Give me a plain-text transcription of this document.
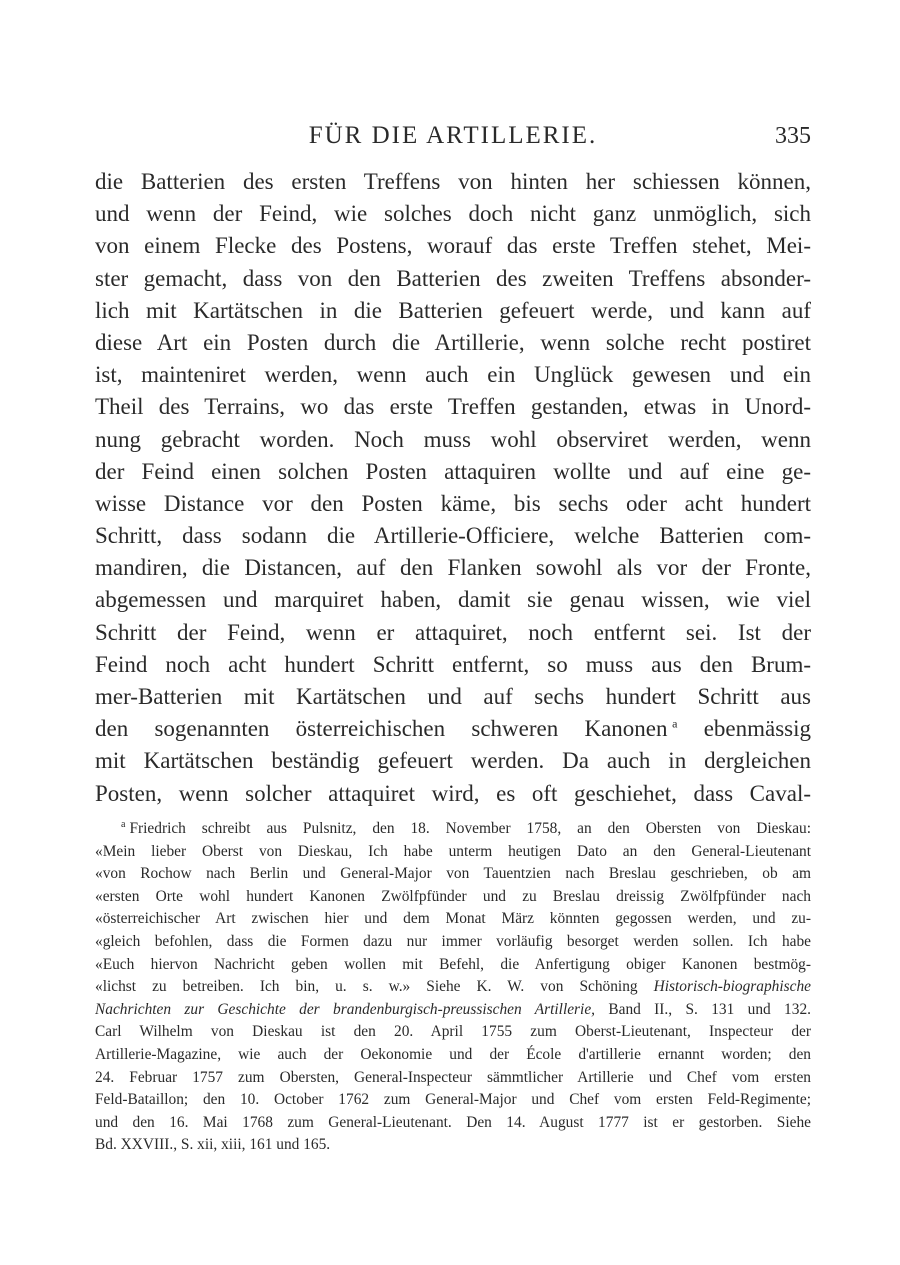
FÜR DIE ARTILLERIE.	335
die Batterien des ersten Treffens von hinten her schiessen können,
und wenn der Feind, wie solches doch nicht ganz unmöglich, sich
von einem Flecke des Postens, worauf das erste Treffen stehet, Mei-
ster gemacht, dass von den Batterien des zweiten Treffens absonder-
lich mit Kartätschen in die Batterien gefeuert werde, und kann auf
diese Art ein Posten durch die Artillerie, wenn solche recht postiret
ist, mainteniret werden, wenn auch ein Unglück gewesen und ein
Theil des Terrains, wo das erste Treffen gestanden, etwas in Unord-
nung gebracht worden. Noch muss wohl observiret werden, wenn
der Feind einen solchen Posten attaquiren wollte und auf eine ge-
wisse Distance vor den Posten käme, bis sechs oder acht hundert
Schritt, dass sodann die Artillerie-Officiere, welche Batterien com-
mandiren, die Distancen, auf den Flanken sowohl als vor der Fronte,
abgemessen und marquiret haben, damit sie genau wissen, wie viel
Schritt der Feind, wenn er attaquiret, noch entfernt sei. Ist der
Feind noch acht hundert Schritt entfernt, so muss aus den Brum-
mer-Batterien mit Kartätschen und auf sechs hundert Schritt aus
den sogenannten österreichischen schweren Kanonen  $^a$ ebenmässig
mit Kartätschen beständig gefeuert werden. Da auch in dergleichen
Posten, wenn solcher attaquiret wird, es oft geschiehet, dass Caval-
$^a$ Friedrich schreibt aus Pulsnitz, den 18. November 1758, an den Obersten von Dieskau:
«Mein lieber Oberst von Dieskau, Ich habe unterm heutigen Dato an den General-Lieutenant
«von Rochow nach Berlin und General-Major von Tauentzien nach Breslau geschrieben, ob am
«ersten Orte wohl hundert Kanonen Zwölfpfünder und zu Breslau dreissig Zwölfpfünder nach
«österreichischer Art zwischen hier und dem Monat März könnten gegossen werden, und zu-
«gleich befohlen, dass die Formen dazu nur immer vorläufig besorget werden sollen. Ich habe
«Euch hiervon Nachricht geben wollen mit Befehl, die Anfertigung obiger Kanonen bestmög-
«lichst zu betreiben. Ich bin, u. s. w.» Siehe K. W. von Schöning Historisch-biographische
Nachrichten zur Geschichte der brandenburgisch-preussischen Artillerie, Band II., S. 131 und 132.
Carl Wilhelm von Dieskau ist den 20. April 1755 zum Oberst-Lieutenant, Inspecteur der
Artillerie-Magazine, wie auch der Oekonomie und der École d'artillerie ernannt worden; den
24. Februar 1757 zum Obersten, General-Inspecteur sämmtlicher Artillerie und Chef vom ersten
Feld-Bataillon; den 10. October 1762 zum General-Major und Chef vom ersten Feld-Regimente;
und den 16. Mai 1768 zum General-Lieutenant. Den 14. August 1777 ist er gestorben. Siehe
Bd. XXVIII., S. xii, xiii, 161 und 165.
